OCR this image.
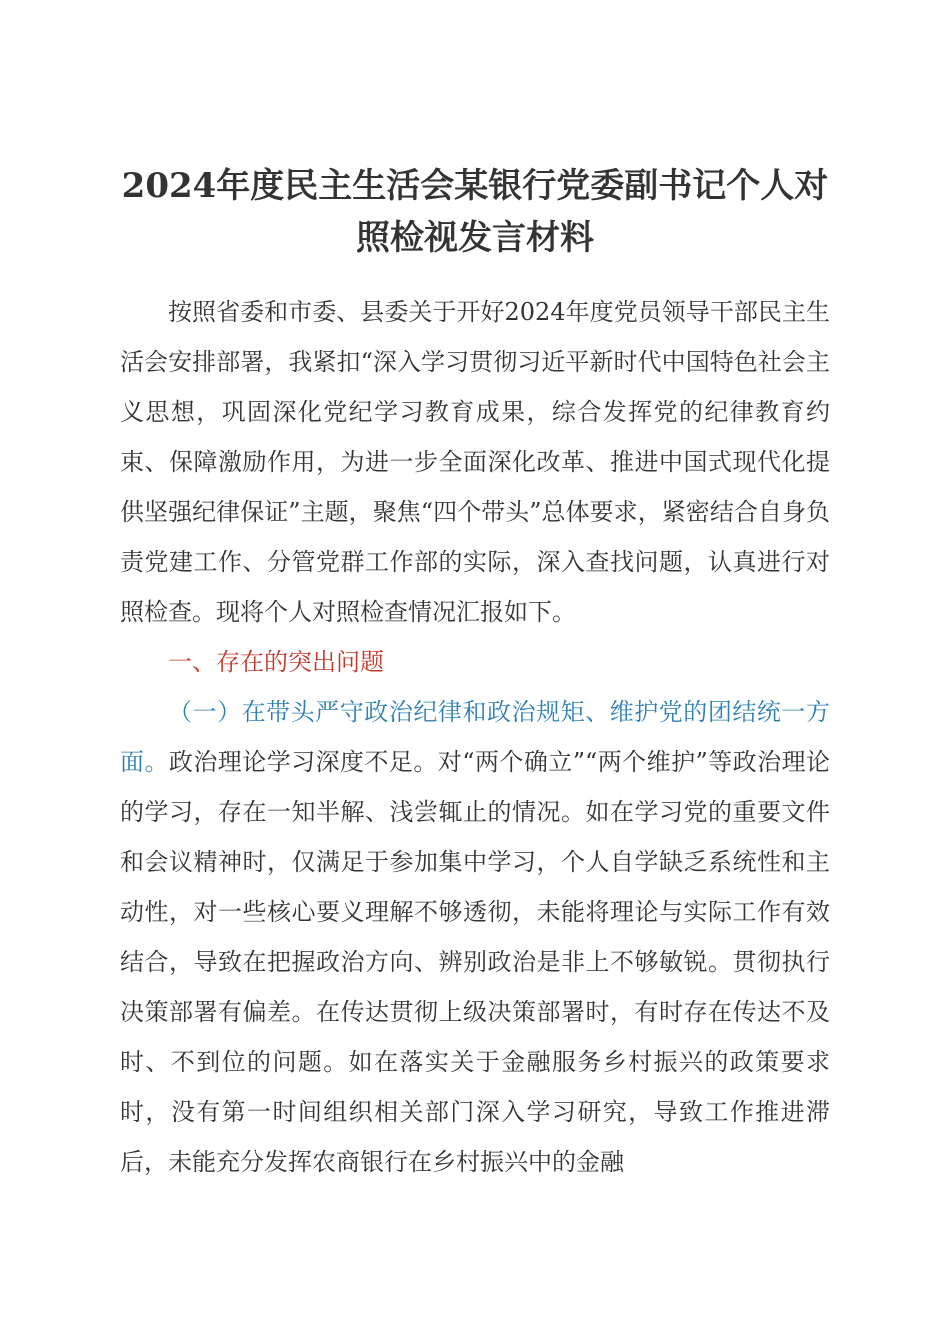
2024年度民主生活会某银行党委副书记个人对
照检视发言材料

按照省委和市委、县委关于开好2024年度党员领导干部民主生活会安排部署，我紧扣“深入学习贯彻习近平新时代中国特色社会主义思想，巩固深化党纪学习教育成果，综合发挥党的纪律教育约束、保障激励作用，为进一步全面深化改革、推进中国式现代化提供坚强纪律保证”主题，聚焦“四个带头”总体要求，紧密结合自身负责党建工作、分管党群工作部的实际，深入查找问题，认真进行对照检查。现将个人对照检查情况汇报如下。

一、存在的突出问题

（一）在带头严守政治纪律和政治规矩、维护党的团结统一方面。政治理论学习深度不足。对“两个确立”“两个维护”等政治理论的学习，存在一知半解、浅尝辄止的情况。如在学习党的重要文件和会议精神时，仅满足于参加集中学习，个人自学缺乏系统性和主动性，对一些核心要义理解不够透彻，未能将理论与实际工作有效结合，导致在把握政治方向、辨别政治是非上不够敏锐。贯彻执行决策部署有偏差。在传达贯彻上级决策部署时，有时存在传达不及时、不到位的问题。如在落实关于金融服务乡村振兴的政策要求时，没有第一时间组织相关部门深入学习研究，导致工作推进滞后，未能充分发挥农商银行在乡村振兴中的金融
